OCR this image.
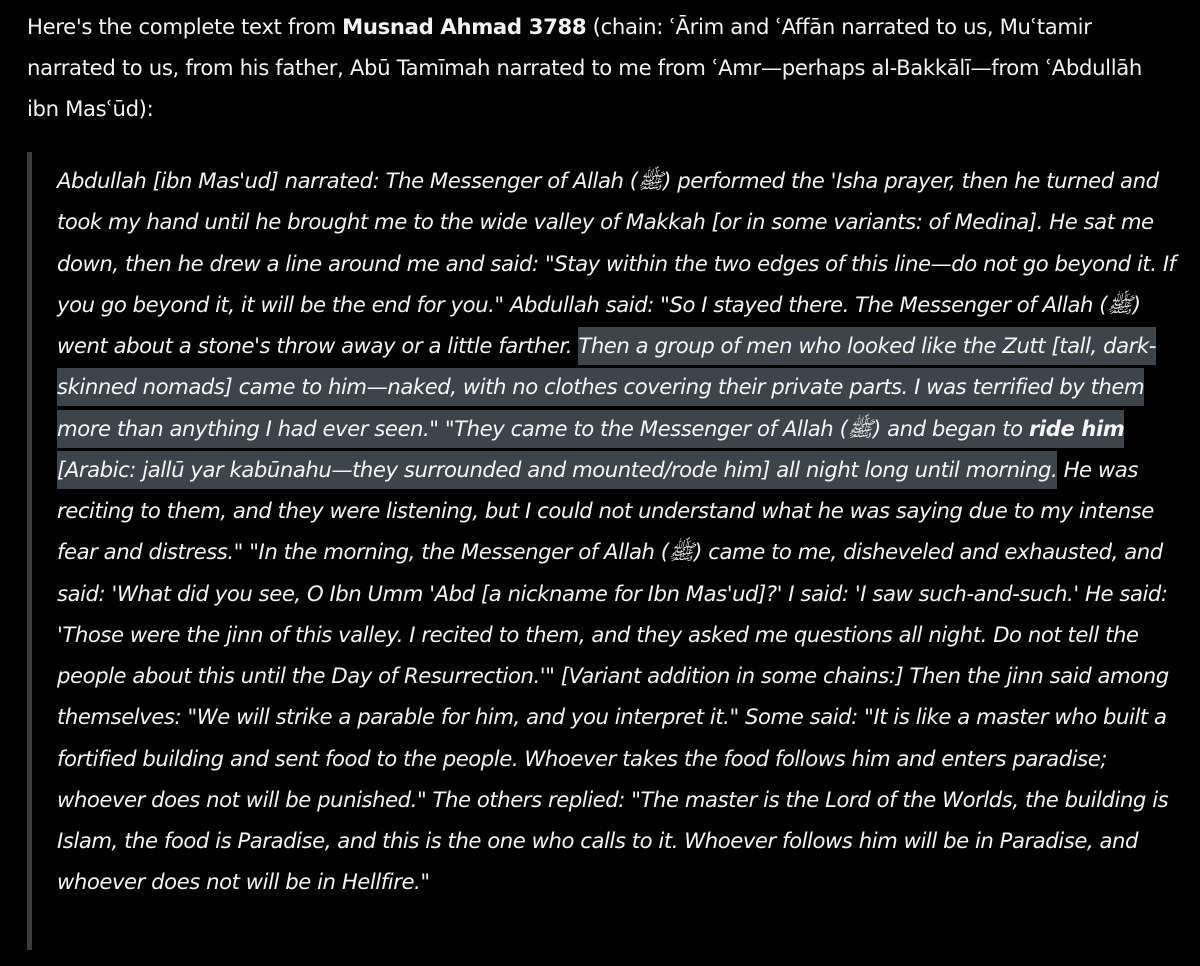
Here's the complete text from Musnad Ahmad 3788 (chain: ʿĀrim and ʿAffān narrated to us, Muʿtamir narrated to us, from his father, Abū Tamīmah narrated to me from ʿAmr—perhaps al-Bakkālī—from ʿAbdullāh ibn Masʿūd):

Abdullah [ibn Mas'ud] narrated: The Messenger of Allah (ﷺ) performed the 'Isha prayer, then he turned and took my hand until he brought me to the wide valley of Makkah [or in some variants: of Medina]. He sat me down, then he drew a line around me and said: "Stay within the two edges of this line—do not go beyond it. If you go beyond it, it will be the end for you." Abdullah said: "So I stayed there. The Messenger of Allah (ﷺ) went about a stone's throw away or a little farther. Then a group of men who looked like the Zutt [tall, dark-skinned nomads] came to him—naked, with no clothes covering their private parts. I was terrified by them more than anything I had ever seen." "They came to the Messenger of Allah (ﷺ) and began to ride him [Arabic: jallū yar kabūnahu—they surrounded and mounted/rode him] all night long until morning. He was reciting to them, and they were listening, but I could not understand what he was saying due to my intense fear and distress." "In the morning, the Messenger of Allah (ﷺ) came to me, disheveled and exhausted, and said: 'What did you see, O Ibn Umm 'Abd [a nickname for Ibn Mas'ud]?' I said: 'I saw such-and-such.' He said: 'Those were the jinn of this valley. I recited to them, and they asked me questions all night. Do not tell the people about this until the Day of Resurrection.'" [Variant addition in some chains:] Then the jinn said among themselves: "We will strike a parable for him, and you interpret it." Some said: "It is like a master who built a fortified building and sent food to the people. Whoever takes the food follows him and enters paradise; whoever does not will be punished." The others replied: "The master is the Lord of the Worlds, the building is Islam, the food is Paradise, and this is the one who calls to it. Whoever follows him will be in Paradise, and whoever does not will be in Hellfire."
